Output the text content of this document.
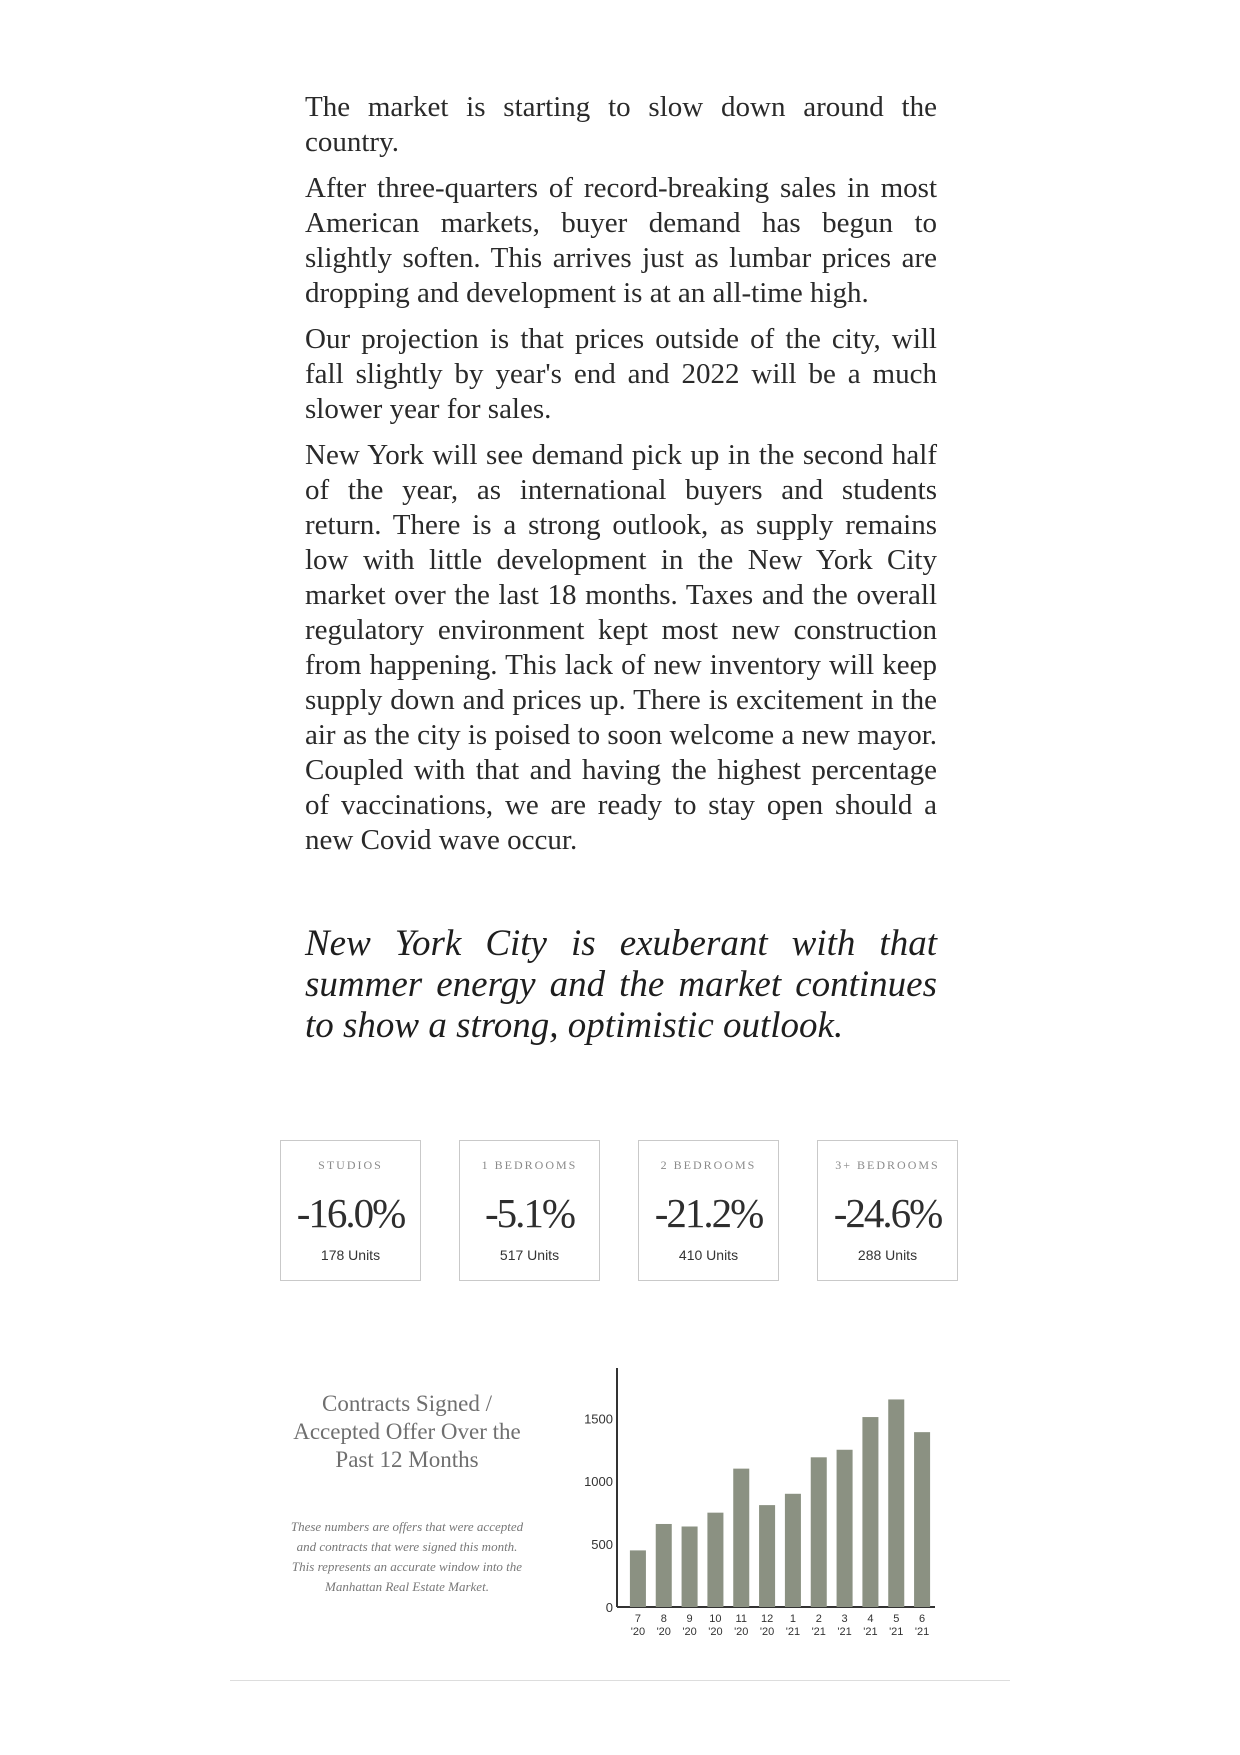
The market is starting to slow down around the country.

After three-quarters of record-breaking sales in most American markets, buyer demand has begun to slightly soften. This arrives just as lumbar prices are dropping and development is at an all-time high.

Our projection is that prices outside of the city, will fall slightly by year's end and 2022 will be a much slower year for sales.

New York will see demand pick up in the second half of the year, as international buyers and students return. There is a strong outlook, as supply remains low with little development in the New York City market over the last 18 months. Taxes and the overall regulatory environment kept most new construction from happening. This lack of new inventory will keep supply down and prices up. There is excitement in the air as the city is poised to soon welcome a new mayor. Coupled with that and having the highest percentage of vaccinations, we are ready to stay open should a new Covid wave occur.

New York City is exuberant with that summer energy and the market continues to show a strong, optimistic outlook.

STUDIOS
-16.0%
178 Units
1 BEDROOMS
-5.1%
517 Units
2 BEDROOMS
-21.2%
410 Units
3+ BEDROOMS
-24.6%
288 Units
Contracts Signed / Accepted Offer Over the Past 12 Months
These numbers are offers that were accepted and contracts that were signed this month. This represents an accurate window into the Manhattan Real Estate Market.
0
500
1000
1500
7
'20
8
'20
9
'20
10
'20
11
'20
12
'20
1
'21
2
'21
3
'21
4
'21
5
'21
6
'21
